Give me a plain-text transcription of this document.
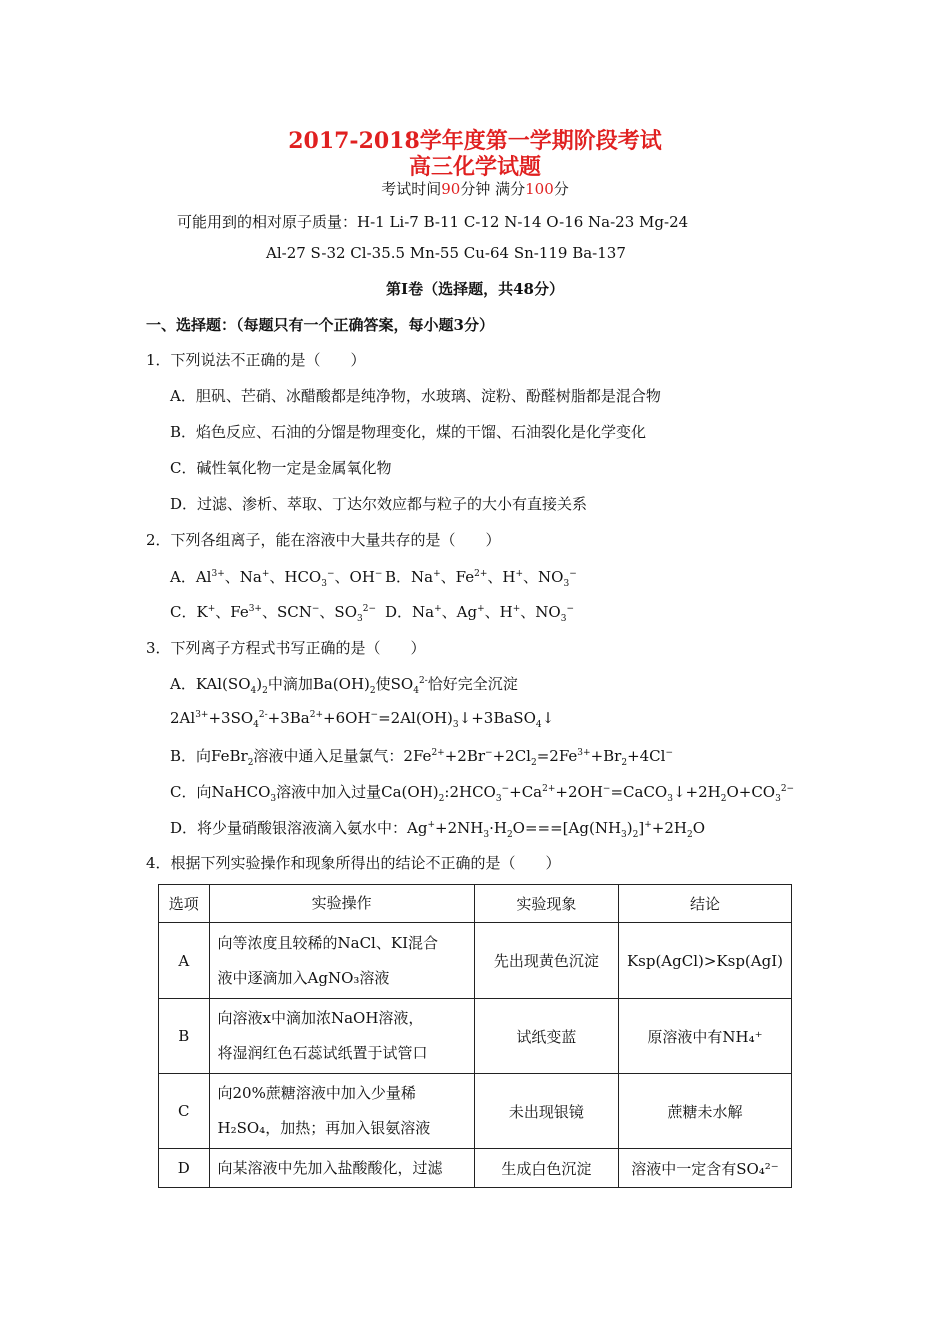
2017-2018学年度第一学期阶段考试
高三化学试题
考试时间90分钟 满分100分
可能用到的相对原子质量：H-1 Li-7 B-11 C-12 N-14 O-16 Na-23 Mg-24
Al-27 S-32 Cl-35.5 Mn-55 Cu-64 Sn-119 Ba-137
第Ⅰ卷（选择题，共48分）
一、选择题：（每题只有一个正确答案，每小题3分）
1．下列说法不正确的是（　　）
A．胆矾、芒硝、冰醋酸都是纯净物，水玻璃、淀粉、酚醛树脂都是混合物
B．焰色反应、石油的分馏是物理变化，煤的干馏、石油裂化是化学变化
C．碱性氧化物一定是金属氧化物
D．过滤、渗析、萃取、丁达尔效应都与粒子的大小有直接关系
2．下列各组离子，能在溶液中大量共存的是（　　）
A．$Al^{3+}$、Na+、$HCO_3^-$、OH− B．Na+、$Fe^{2+}$、H+、$NO_3^-$
C．K+、$Fe^{3+}$、SCN−、$SO_3^{2-}$ D．Na+、Ag+、H+、$NO_3^-$
3．下列离子方程式书写正确的是（　　）
A．$KAl(SO_4)_2$中滴加$Ba(OH)_2$使$SO_4^{2-}$恰好完全沉淀
$2Al^{3+}+3SO_4^{2-}+3Ba^{2+}+6OH^-=2Al(OH)_3↓+3BaSO_4↓$
B．向FeBr$_2$溶液中通入足量氯气：$2Fe^{2+}+2Br^-+2Cl_2=2Fe^{3+}+Br_2+4Cl^-$
C．向NaHCO$_3$溶液中加入过量$Ca(OH)_2:2HCO_3^-+Ca^{2+}+2OH^-=CaCO_3↓+2H_2O+CO_3^{2-}$
D．将少量硝酸银溶液滴入氨水中：$Ag^++2NH_3\cdot H_2O===[Ag(NH_3)_2]^++2H_2O$
4．根据下列实验操作和现象所得出的结论不正确的是（　　）
选项	实验操作	实验现象	结论
A	向等浓度且较稀的NaCl、KI混合
液中逐滴加入AgNO₃溶液	先出现黄色沉淀	Ksp(AgCl)>Ksp(AgI)
B	向溶液x中滴加浓NaOH溶液，
将湿润红色石蕊试纸置于试管口	试纸变蓝	原溶液中有NH₄⁺
C	向20%蔗糖溶液中加入少量稀
H₂SO₄，加热；再加入银氨溶液	未出现银镜	蔗糖未水解
D	向某溶液中先加入盐酸酸化，过滤	生成白色沉淀	溶液中一定含有SO₄²⁻
